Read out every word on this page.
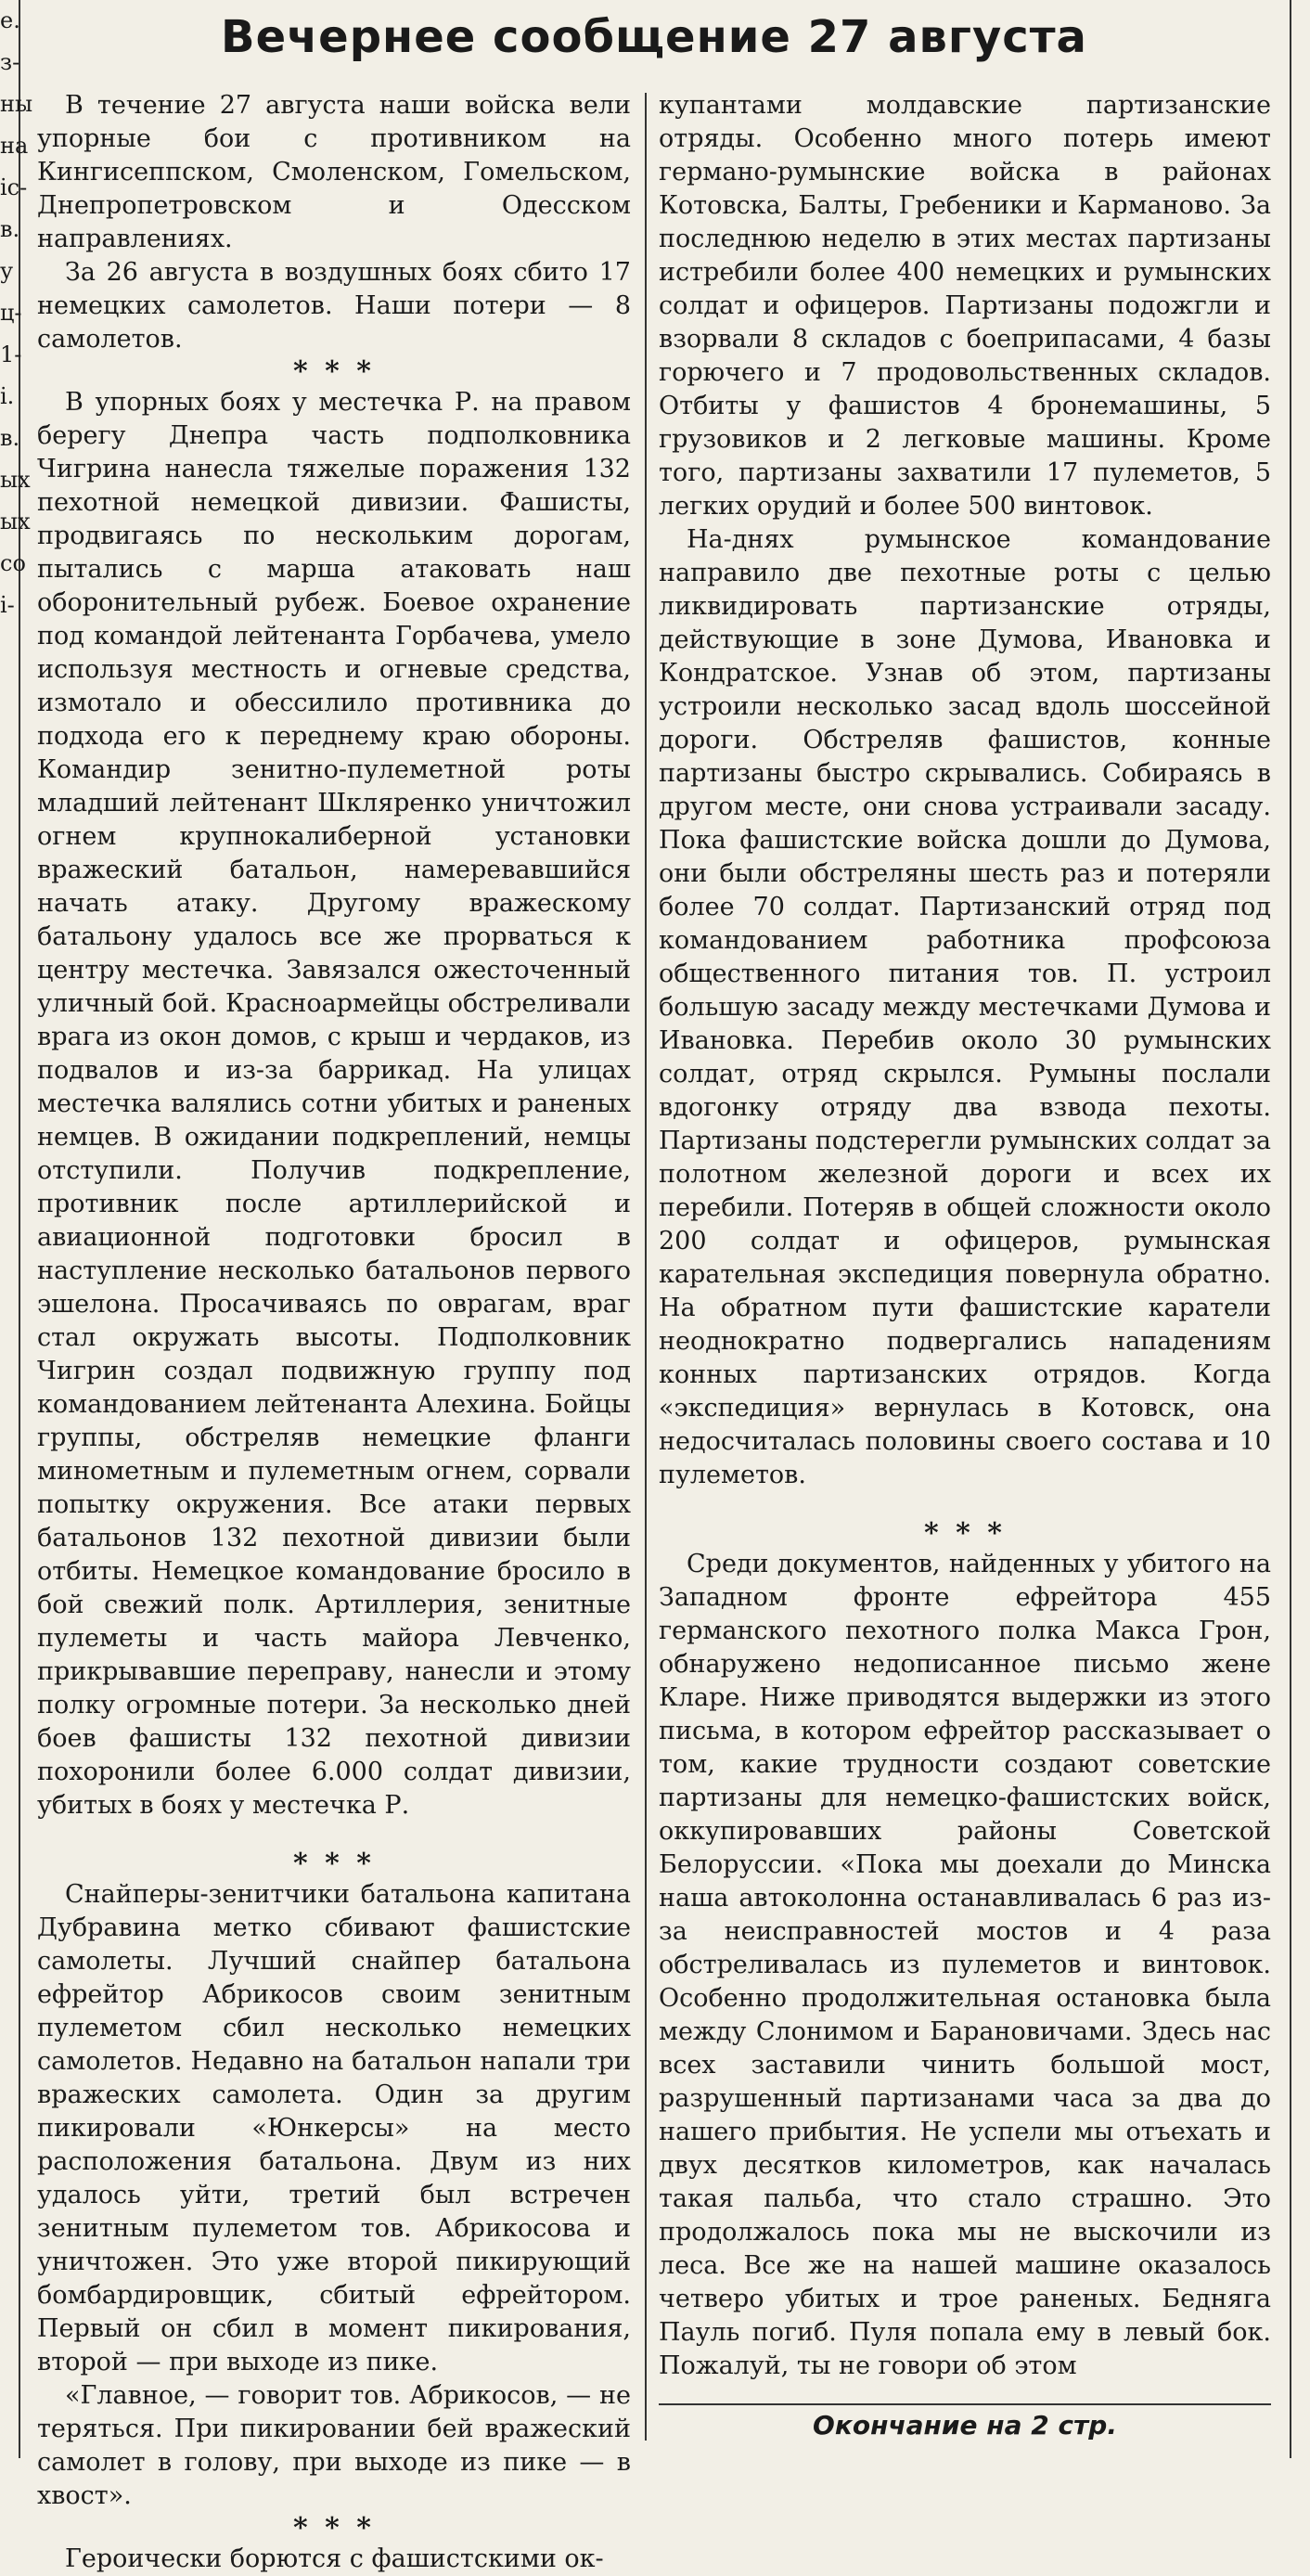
е.
з-
ны
на
іс-
в.
у
ц-
1-
і.
в.
ых
ых
со
і-
Вечернее сообщение 27 августа

В течение 27 августа наши войска вели упорные бои с противником на Кингисеппском, Смоленском, Гомельском, Днепропетровском и Одесском направлениях.

За 26 августа в воздушных боях сбито 17 немецких самолетов. Наши потери — 8 самолетов.

* * *

В упорных боях у местечка Р. на правом берегу Днепра часть подполковника Чигрина нанесла тяжелые поражения 132 пехотной немецкой дивизии. Фашисты, продвигаясь по нескольким дорогам, пытались с марша атаковать наш оборонительный рубеж. Боевое охранение под командой лейтенанта Горбачева, умело используя местность и огневые средства, измотало и обессилило противника до подхода его к переднему краю обороны. Командир зенитно-пулеметной роты младший лейтенант Шкляренко уничтожил огнем крупнокалиберной установки вражеский батальон, намеревавшийся начать атаку. Другому вражескому батальону удалось все же прорваться к центру местечка. Завязался ожесточенный уличный бой. Красноармейцы обстреливали врага из окон домов, с крыш и чердаков, из подвалов и из-за баррикад. На улицах местечка валялись сотни убитых и раненых немцев. В ожидании подкреплений, немцы отступили. Получив подкрепление, противник после артиллерийской и авиационной подготовки бросил в наступление несколько батальонов первого эшелона. Просачиваясь по оврагам, враг стал окружать высоты. Подполковник Чигрин создал подвижную группу под командованием лейтенанта Алехина. Бойцы группы, обстреляв немецкие фланги минометным и пулеметным огнем, сорвали попытку окружения. Все атаки первых батальонов 132 пехотной дивизии были отбиты. Немецкое командование бросило в бой свежий полк. Артиллерия, зенитные пулеметы и часть майора Левченко, прикрывавшие переправу, нанесли и этому полку огромные потери. За несколько дней боев фашисты 132 пехотной дивизии похоронили более 6.000 солдат дивизии, убитых в боях у местечка Р.

* * *

Снайперы-зенитчики батальона капитана Дубравина метко сбивают фашистские самолеты. Лучший снайпер батальона ефрейтор Абрикосов своим зенитным пулеметом сбил несколько немецких самолетов. Недавно на батальон напали три вражеских самолета. Один за другим пикировали «Юнкерсы» на место расположения батальона. Двум из них удалось уйти, третий был встречен зенитным пулеметом тов. Абрикосова и уничтожен. Это уже второй пикирующий бомбардировщик, сбитый ефрейтором. Первый он сбил в момент пикирования, второй — при выходе из пике.

«Главное, — говорит тов. Абрикосов, — не теряться. При пикировании бей вражеский самолет в голову, при выходе из пике — в хвост».

* * *

Героически борются с фашистскими ок-

купантами молдавские партизанские отряды. Особенно много потерь имеют германо-румынские войска в районах Котовска, Балты, Гребеники и Карманово. За последнюю неделю в этих местах партизаны истребили более 400 немецких и румынских солдат и офицеров. Партизаны подожгли и взорвали 8 складов с боеприпасами, 4 базы горючего и 7 продовольственных складов. Отбиты у фашистов 4 бронемашины, 5 грузовиков и 2 легковые машины. Кроме того, партизаны захватили 17 пулеметов, 5 легких орудий и более 500 винтовок.

На-днях румынское командование направило две пехотные роты с целью ликвидировать партизанские отряды, действующие в зоне Думова, Ивановка и Кондратское. Узнав об этом, партизаны устроили несколько засад вдоль шоссейной дороги. Обстреляв фашистов, конные партизаны быстро скрывались. Собираясь в другом месте, они снова устраивали засаду. Пока фашистские войска дошли до Думова, они были обстреляны шесть раз и потеряли более 70 солдат. Партизанский отряд под командованием работника профсоюза общественного питания тов. П. устроил большую засаду между местечками Думова и Ивановка. Перебив около 30 румынских солдат, отряд скрылся. Румыны послали вдогонку отряду два взвода пехоты. Партизаны подстерегли румынских солдат за полотном железной дороги и всех их перебили. Потеряв в общей сложности около 200 солдат и офицеров, румынская карательная экспедиция повернула обратно. На обратном пути фашистские каратели неоднократно подвергались нападениям конных партизанских отрядов. Когда «экспедиция» вернулась в Котовск, она недосчиталась половины своего состава и 10 пулеметов.

* * *

Среди документов, найденных у убитого на Западном фронте ефрейтора 455 германского пехотного полка Макса Грон, обнаружено недописанное письмо жене Кларе. Ниже приводятся выдержки из этого письма, в котором ефрейтор рассказывает о том, какие трудности создают советские партизаны для немецко-фашистских войск, оккупировавших районы Советской Белоруссии. «Пока мы доехали до Минска наша автоколонна останавливалась 6 раз из-за неисправностей мостов и 4 раза обстреливалась из пулеметов и винтовок. Особенно продолжительная остановка была между Слонимом и Барановичами. Здесь нас всех заставили чинить большой мост, разрушенный партизанами часа за два до нашего прибытия. Не успели мы отъехать и двух десятков километров, как началась такая пальба, что стало страшно. Это продолжалось пока мы не выскочили из леса. Все же на нашей машине оказалось четверо убитых и трое раненых. Бедняга Пауль погиб. Пуля попала ему в левый бок. Пожалуй, ты не говори об этом

Окончание на 2 стр.
